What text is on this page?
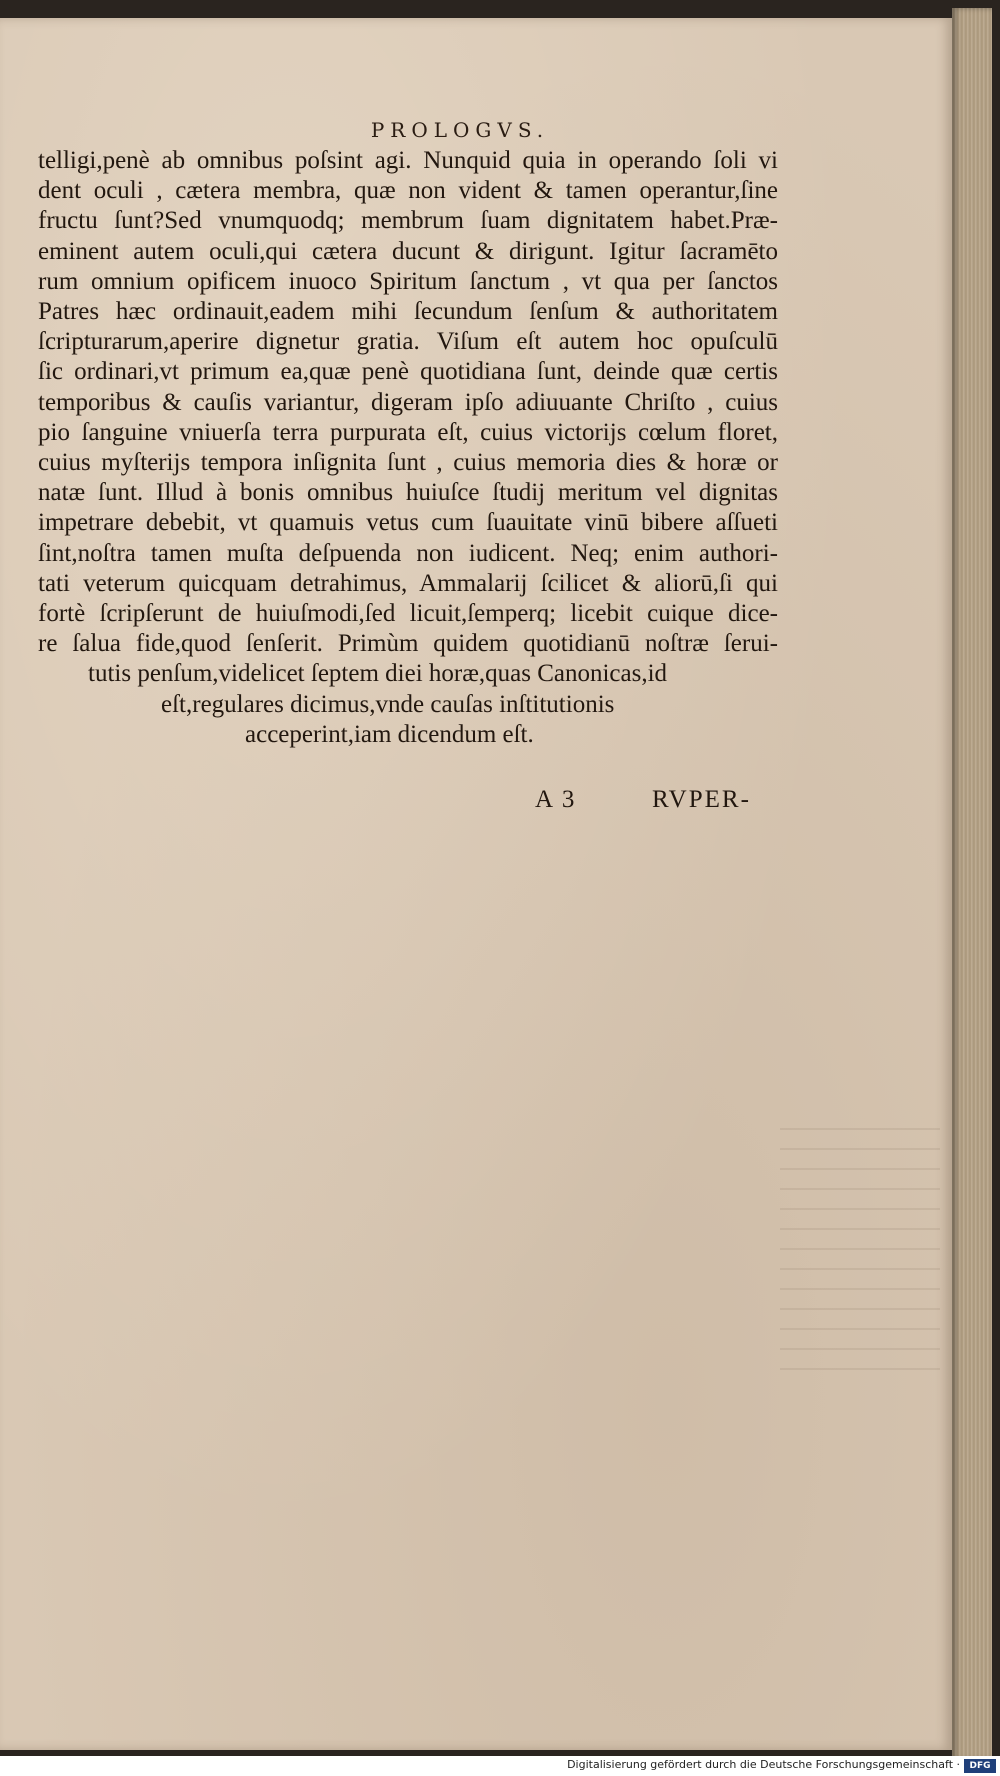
PROLOGVS.
telligi,penè ab omnibus poſsint agi. Nunquid quia in operando ſoli vi
dent oculi , cætera membra, quæ non vident & tamen operantur,ſine
fructu ſunt?Sed vnumquodq; membrum ſuam dignitatem habet.Præ-
eminent autem oculi,qui cætera ducunt & dirigunt. Igitur ſacramēto
rum omnium opificem inuoco Spiritum ſanctum , vt qua per ſanctos
Patres hæc ordinauit,eadem mihi ſecundum ſenſum & authoritatem
ſcripturarum,aperire dignetur gratia. Viſum eſt autem hoc opuſculū
ſic ordinari,vt primum ea,quæ penè quotidiana ſunt, deinde quæ certis
temporibus & cauſis variantur, digeram ipſo adiuuante Chriſto , cuius
pio ſanguine vniuerſa terra purpurata eſt, cuius victorijs cœlum floret,
cuius myſterijs tempora inſignita ſunt , cuius memoria dies & horæ or
natæ ſunt. Illud à bonis omnibus huiuſce ſtudij meritum vel dignitas
impetrare debebit, vt quamuis vetus cum ſuauitate vinū bibere aſſueti
ſint,noſtra tamen muſta deſpuenda non iudicent. Neq; enim authori-
tati veterum quicquam detrahimus, Ammalarij ſcilicet & aliorū,ſi qui
fortè ſcripſerunt de huiuſmodi,ſed licuit,ſemperq; licebit cuique dice-
re ſalua fide,quod ſenſerit. Primùm quidem quotidianū noſtræ ſerui-
tutis penſum,videlicet ſeptem diei horæ,quas Canonicas,id
eſt,regulares dicimus,vnde cauſas inſtitutionis
acceperint,iam dicendum eſt.
A 3	RVPER-
Digitalisierung gefördert durch die Deutsche Forschungsgemeinschaft ·	DFG
